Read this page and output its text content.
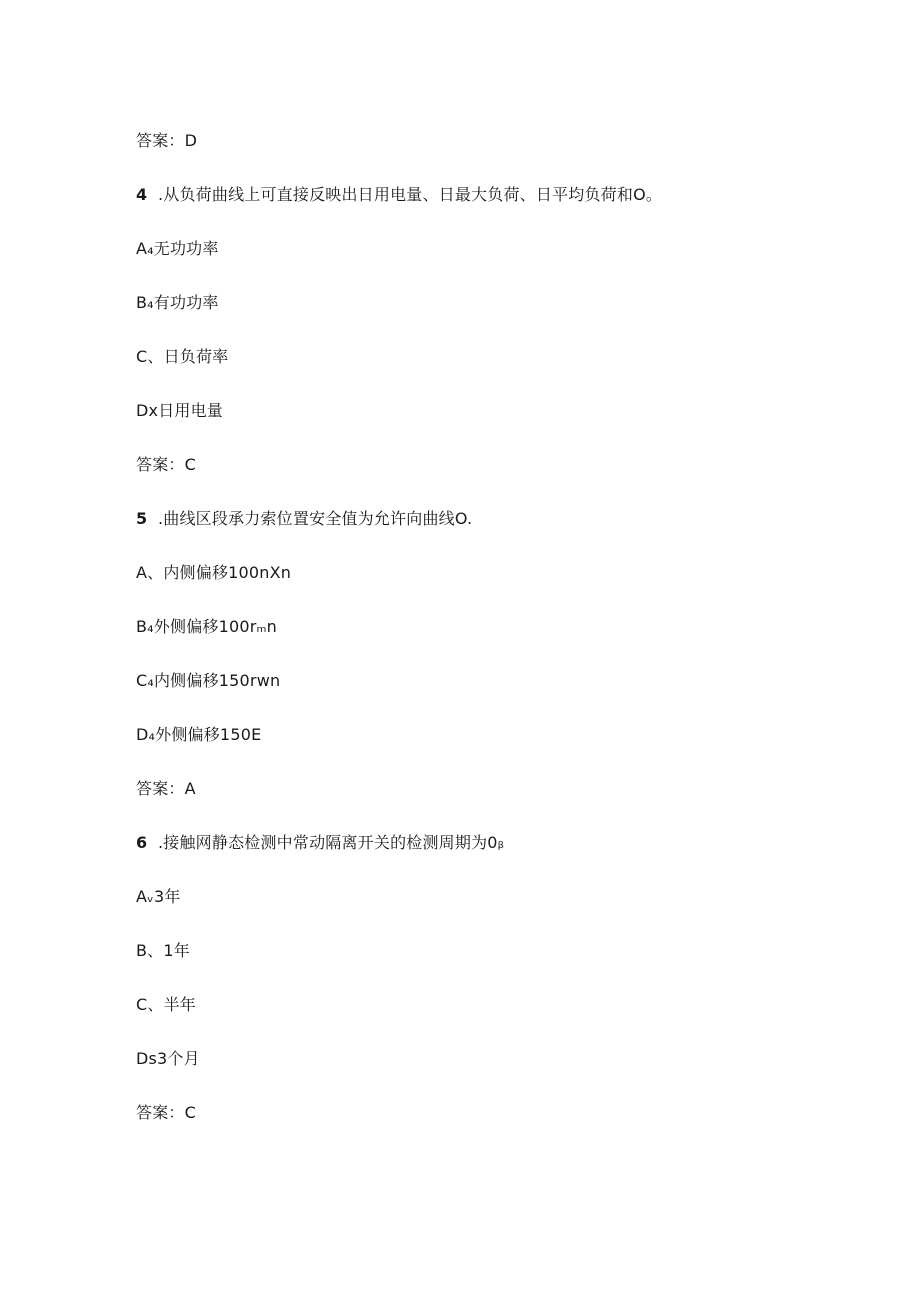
答案：D
4 .从负荷曲线上可直接反映出日用电量、日最大负荷、日平均负荷和O。
A₄无功功率
B₄有功功率
C、日负荷率
Dx日用电量
答案：C
5 .曲线区段承力索位置安全值为允许向曲线O.
A、内侧偏移100nXn
B₄外侧偏移100rₘn
C₄内侧偏移150rwn
D₄外侧偏移150E
答案：A
6 .接触网静态检测中常动隔离开关的检测周期为0ᵦ
Aᵥ3年
B、1年
C、半年
Ds3个月
答案：C
